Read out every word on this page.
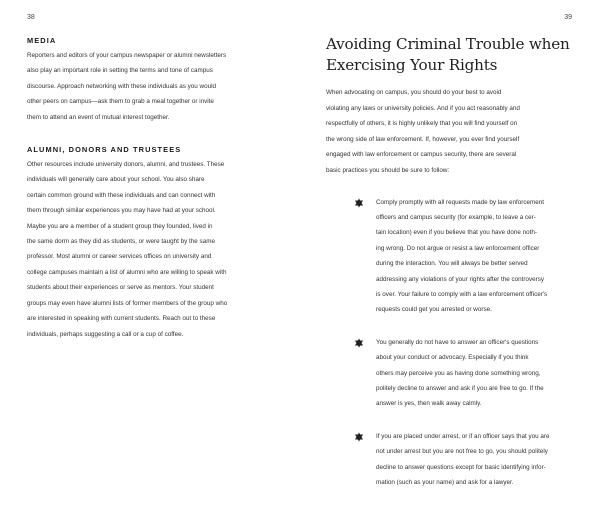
38	39
MEDIA

Reporters and editors of your campus newspaper or alumni newsletters

also play an important role in setting the terms and tone of campus

discourse. Approach networking with these individuals as you would

other peers on campus—ask them to grab a meal together or invite

them to attend an event of mutual interest together.

ALUMNI, DONORS AND TRUSTEES

Other resources include university donors, alumni, and trustees. These

individuals will generally care about your school. You also share

certain common ground with these individuals and can connect with

them through similar experiences you may have had at your school.

Maybe you are a member of a student group they founded, lived in

the same dorm as they did as students, or were taught by the same

professor. Most alumni or career services offices on university and

college campuses maintain a list of alumni who are willing to speak with

students about their experiences or serve as mentors. Your student

groups may even have alumni lists of former members of the group who

are interested in speaking with current students. Reach out to these

individuals, perhaps suggesting a call or a cup of coffee.

Avoiding Criminal Trouble when
Exercising Your Rights

When advocating on campus, you should do your best to avoid

violating any laws or university policies. And if you act reasonably and

respectfully of others, it is highly unlikely that you will find yourself on

the wrong side of law enforcement. If, however, you ever find yourself

engaged with law enforcement or campus security, there are several

basic practices you should be sure to follow:

Comply promptly with all requests made by law enforcement

officers and campus security (for example, to leave a cer-

tain location) even if you believe that you have done noth-

ing wrong. Do not argue or resist a law enforcement officer

during the interaction. You will always be better served

addressing any violations of your rights after the controversy

is over. Your failure to comply with a law enforcement officer's

requests could get you arrested or worse.

You generally do not have to answer an officer's questions

about your conduct or advocacy. Especially if you think

others may perceive you as having done something wrong,

politely decline to answer and ask if you are free to go. If the

answer is yes, then walk away calmly.

If you are placed under arrest, or if an officer says that you are

not under arrest but you are not free to go, you should politely

decline to answer questions except for basic identifying infor-

mation (such as your name) and ask for a lawyer.
